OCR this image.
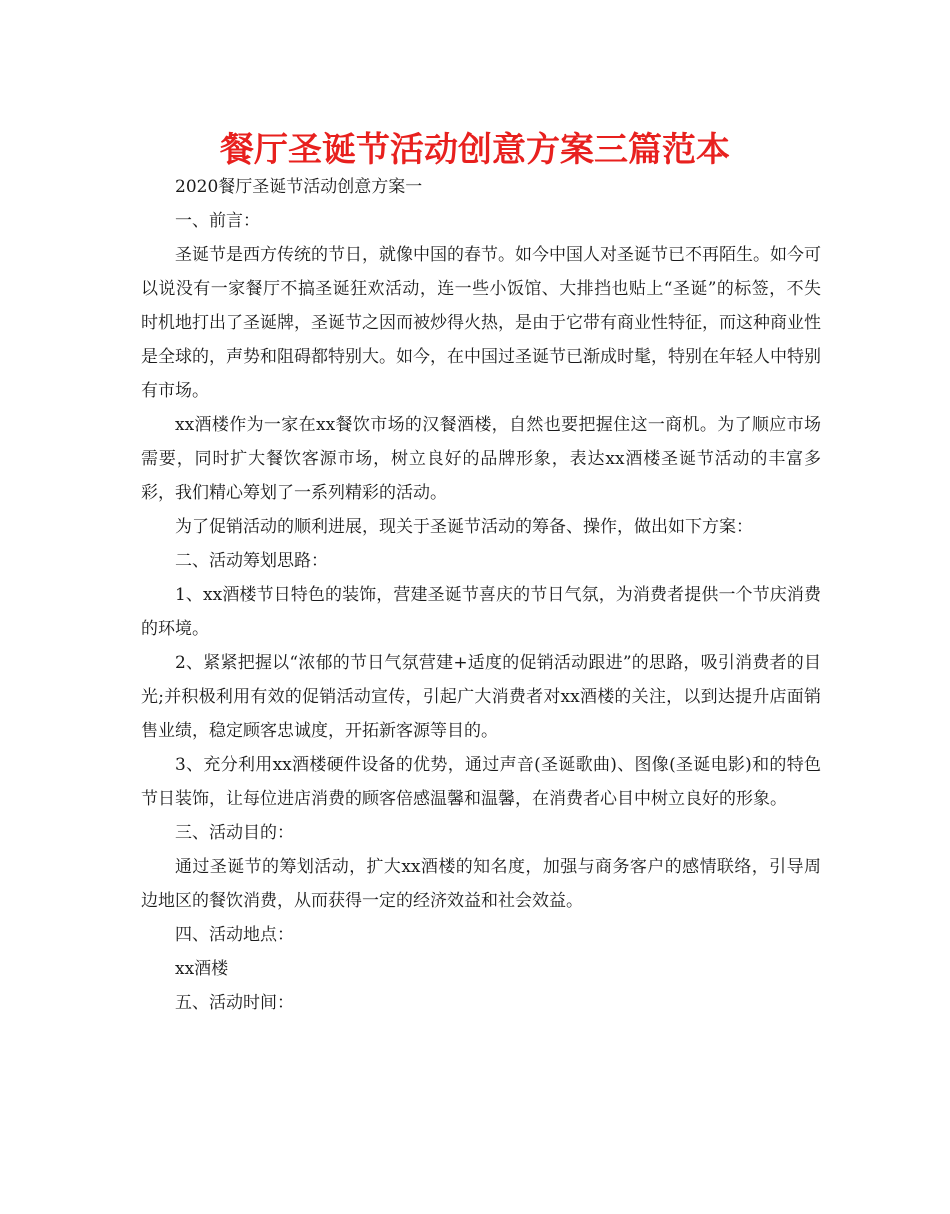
餐厅圣诞节活动创意方案三篇范本

2020餐厅圣诞节活动创意方案一

一、前言：

圣诞节是西方传统的节日，就像中国的春节。如今中国人对圣诞节已不再陌生。如今可以说没有一家餐厅不搞圣诞狂欢活动，连一些小饭馆、大排挡也贴上“圣诞”的标签，不失时机地打出了圣诞牌，圣诞节之因而被炒得火热，是由于它带有商业性特征，而这种商业性是全球的，声势和阻碍都特别大。如今，在中国过圣诞节已渐成时髦，特别在年轻人中特别有市场。

xx酒楼作为一家在xx餐饮市场的汉餐酒楼，自然也要把握住这一商机。为了顺应市场需要，同时扩大餐饮客源市场，树立良好的品牌形象，表达xx酒楼圣诞节活动的丰富多彩，我们精心筹划了一系列精彩的活动。

为了促销活动的顺利进展，现关于圣诞节活动的筹备、操作，做出如下方案：

二、活动筹划思路：

1、xx酒楼节日特色的装饰，营建圣诞节喜庆的节日气氛，为消费者提供一个节庆消费的环境。

2、紧紧把握以“浓郁的节日气氛营建+适度的促销活动跟进”的思路，吸引消费者的目光;并积极利用有效的促销活动宣传，引起广大消费者对xx酒楼的关注，以到达提升店面销售业绩，稳定顾客忠诚度，开拓新客源等目的。

3、充分利用xx酒楼硬件设备的优势，通过声音(圣诞歌曲)、图像(圣诞电影)和的特色节日装饰，让每位进店消费的顾客倍感温馨和温馨，在消费者心目中树立良好的形象。

三、活动目的：

通过圣诞节的筹划活动，扩大xx酒楼的知名度，加强与商务客户的感情联络，引导周边地区的餐饮消费，从而获得一定的经济效益和社会效益。

四、活动地点：

xx酒楼

五、活动时间：
